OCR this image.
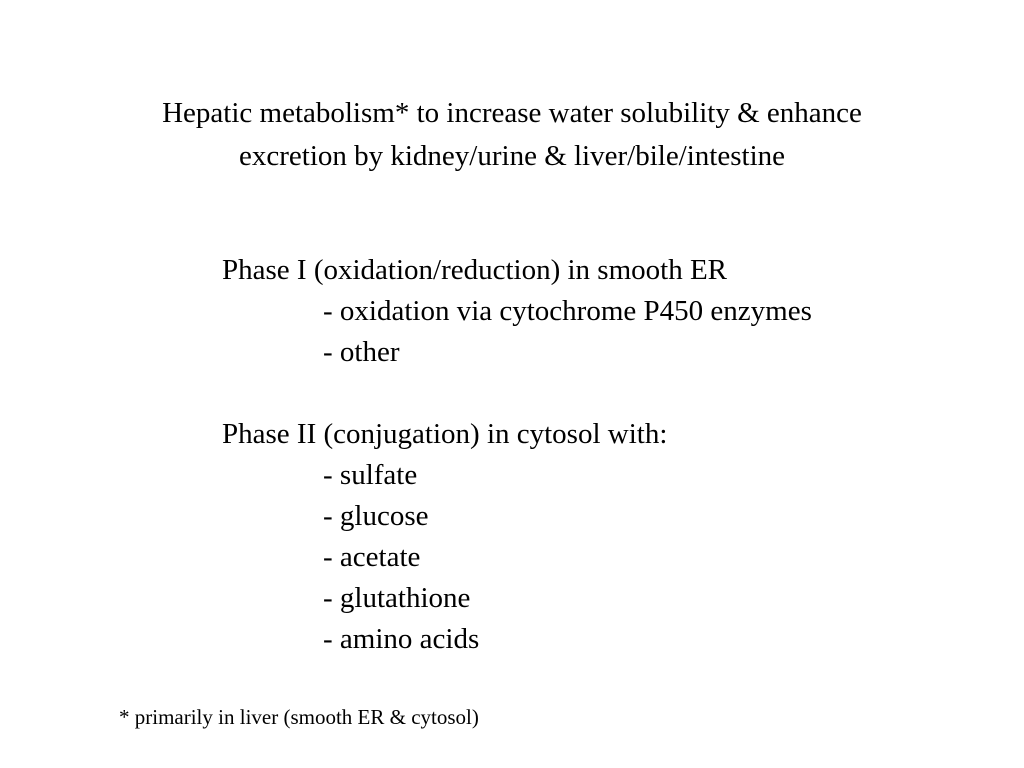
Hepatic metabolism* to increase water solubility & enhance
excretion by kidney/urine & liver/bile/intestine
Phase I (oxidation/reduction) in smooth ER
- oxidation via cytochrome P450 enzymes
- other
Phase II (conjugation) in cytosol with:
- sulfate
- glucose
- acetate
- glutathione
- amino acids
* primarily in liver (smooth ER & cytosol)
